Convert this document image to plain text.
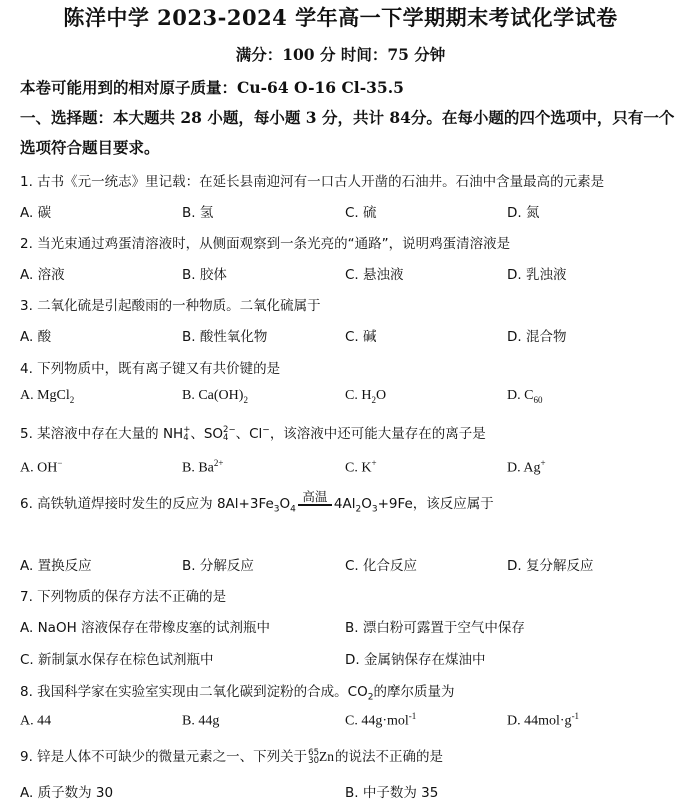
陈洋中学 2023-2024 学年高一下学期期末考试化学试卷
满分：100 分 时间：75 分钟
本卷可能用到的相对原子质量：Cu-64 O-16 Cl-35.5
一、选择题：本大题共 28 小题，每小题 3 分，共计 84分。在每小题的四个选项中，只有一个
选项符合题目要求。
1. 古书《元一统志》里记载：在延长县南迎河有一口古人开凿的石油井。石油中含量最高的元素是
A. 碳	B. 氢	C. 硫	D. 氮
2. 当光束通过鸡蛋清溶液时，从侧面观察到一条光亮的“通路”，说明鸡蛋清溶液是
A. 溶液	B. 胶体	C. 悬浊液	D. 乳浊液
3. 二氧化硫是引起酸雨的一种物质。二氧化硫属于
A. 酸	B. 酸性氧化物	C. 碱	D. 混合物
4. 下列物质中，既有离子键又有共价键的是
A. MgCl$_2$	B. $Ca(OH)_2$	C. $H_2O$	D. $C_{60}$
5. 某溶液中存在大量的 NH +
4 、SO 2−
4 、Cl−，该溶液中还可能大量存在的离子是
A. OH−	B. $Ba^{2+}$	C. K+	D. Ag+
6. 高铁轨道焊接时发生的反应为 $8Al+3Fe_3O_4$
高温 $4Al_2O_3+9Fe$，该反应属于
A. 置换反应	B. 分解反应	C. 化合反应	D. 复分解反应
7. 下列物质的保存方法不正确的是
A. NaOH 溶液保存在带橡皮塞的试剂瓶中	B. 漂白粉可露置于空气中保存
C. 新制氯水保存在棕色试剂瓶中	D. 金属钠保存在煤油中
8. 我国科学家在实验室实现由二氧化碳到淀粉的合成。$CO_2$的摩尔质量为
A. 44	B. 44g	C. 44g·mol$^{-1}$	D. $44mol\cdot g^{-1}$
9. 锌是人体不可缺少的微量元素之一、下列关于 65
30 Zn的说法不正确的是
A. 质子数为 30	B. 中子数为 35
